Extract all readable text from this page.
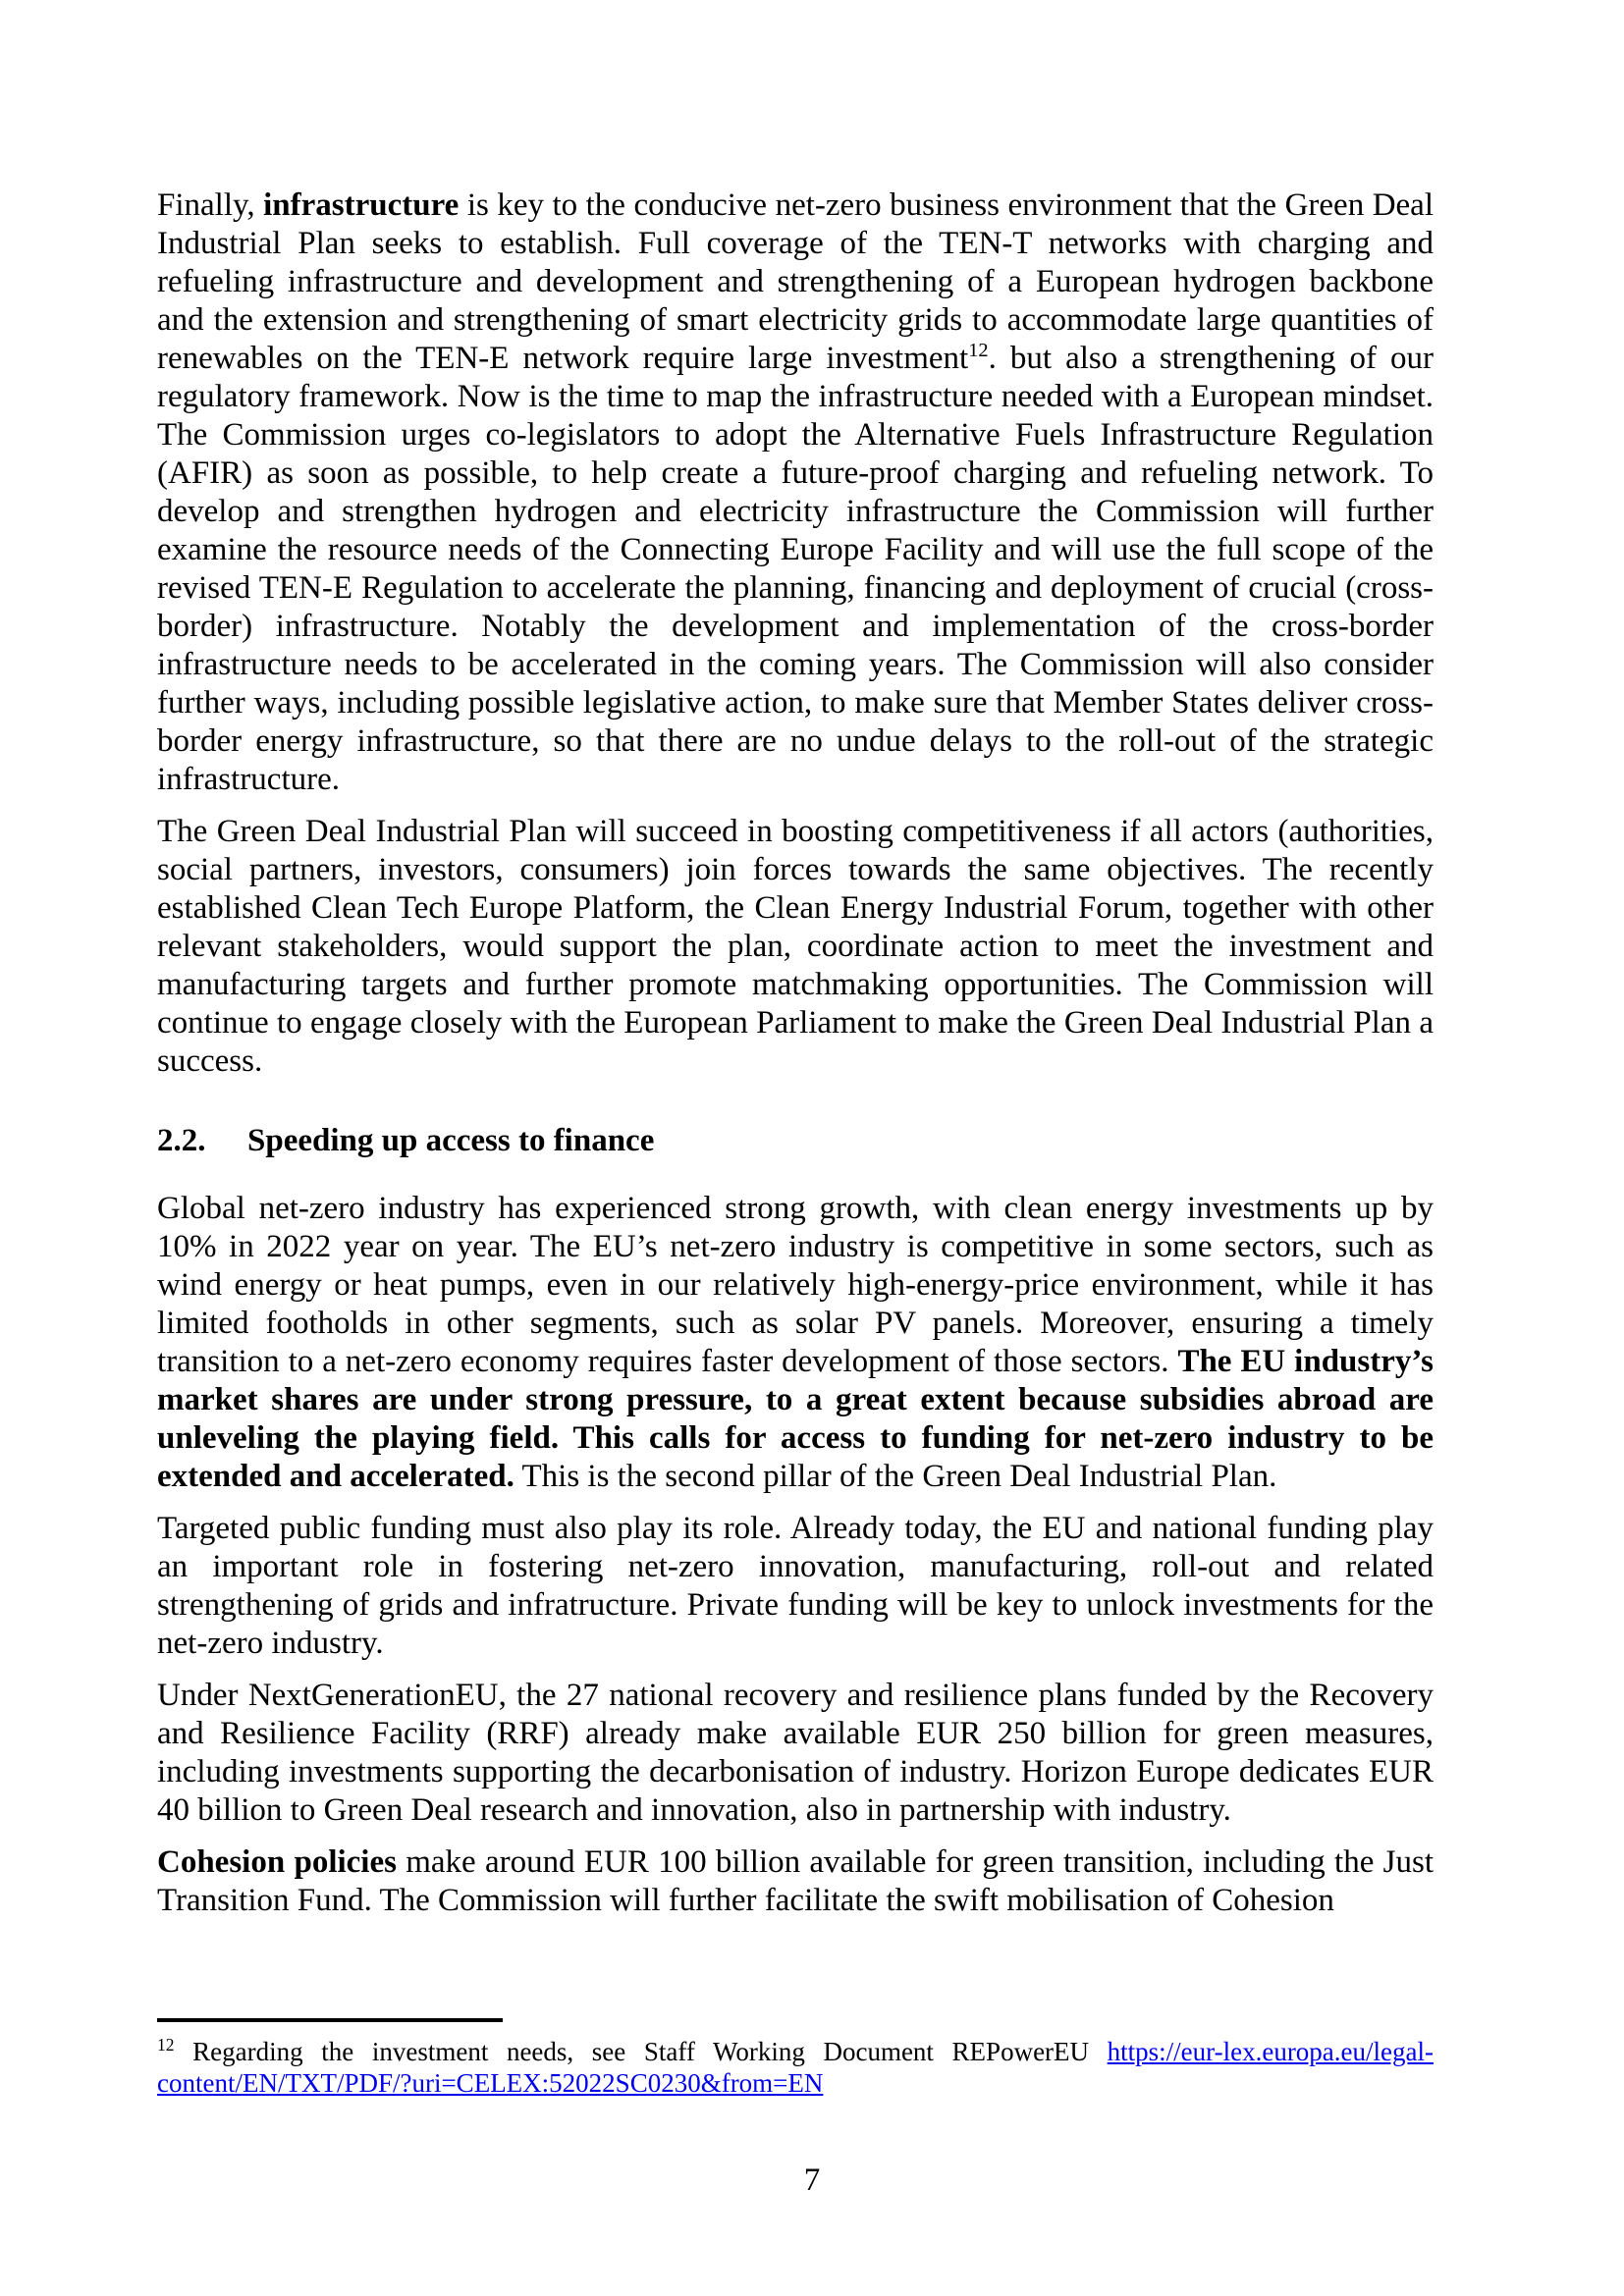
Finally, infrastructure is key to the conducive net-zero business environment that the Green Deal Industrial Plan seeks to establish. Full coverage of the TEN-T networks with charging and refueling infrastructure and development and strengthening of a European hydrogen backbone and the extension and strengthening of smart electricity grids to accommodate large quantities of renewables on the TEN-E network require large investment$^{12}$. but also a strengthening of our regulatory framework. Now is the time to map the infrastructure needed with a European mindset. The Commission urges co-legislators to adopt the Alternative Fuels Infrastructure Regulation (AFIR) as soon as possible, to help create a future-proof charging and refueling network. To develop and strengthen hydrogen and electricity infrastructure the Commission will further examine the resource needs of the Connecting Europe Facility and will use the full scope of the revised TEN-E Regulation to accelerate the planning, financing and deployment of crucial (cross-border) infrastructure. Notably the development and implementation of the cross-border infrastructure needs to be accelerated in the coming years. The Commission will also consider further ways, including possible legislative action, to make sure that Member States deliver cross-border energy infrastructure, so that there are no undue delays to the roll-out of the strategic infrastructure.

The Green Deal Industrial Plan will succeed in boosting competitiveness if all actors (authorities, social partners, investors, consumers) join forces towards the same objectives. The recently established Clean Tech Europe Platform, the Clean Energy Industrial Forum, together with other relevant stakeholders, would support the plan, coordinate action to meet the investment and manufacturing targets and further promote matchmaking opportunities. The Commission will continue to engage closely with the European Parliament to make the Green Deal Industrial Plan a success.

2.2.	Speeding up access to finance

Global net-zero industry has experienced strong growth, with clean energy investments up by 10% in 2022 year on year. The EU’s net-zero industry is competitive in some sectors, such as wind energy or heat pumps, even in our relatively high-energy-price environment, while it has limited footholds in other segments, such as solar PV panels. Moreover, ensuring a timely transition to a net-zero economy requires faster development of those sectors. The EU industry’s market shares are under strong pressure, to a great extent because subsidies abroad are unleveling the playing field. This calls for access to funding for net-zero industry to be extended and accelerated. This is the second pillar of the Green Deal Industrial Plan.

Targeted public funding must also play its role. Already today, the EU and national funding play an important role in fostering net-zero innovation, manufacturing, roll-out and related strengthening of grids and infratructure. Private funding will be key to unlock investments for the net-zero industry.

Under NextGenerationEU, the 27 national recovery and resilience plans funded by the Recovery and Resilience Facility (RRF) already make available EUR 250 billion for green measures, including investments supporting the decarbonisation of industry. Horizon Europe dedicates EUR 40 billion to Green Deal research and innovation, also in partnership with industry.

Cohesion policies make around EUR 100 billion available for green transition, including the Just Transition Fund. The Commission will further facilitate the swift mobilisation of Cohesion

$^{12}$ Regarding the investment needs, see Staff Working Document REPowerEU https://eur-lex.europa.eu/legal-
content/EN/TXT/PDF/?uri=CELEX:52022SC0230&from=EN
7
